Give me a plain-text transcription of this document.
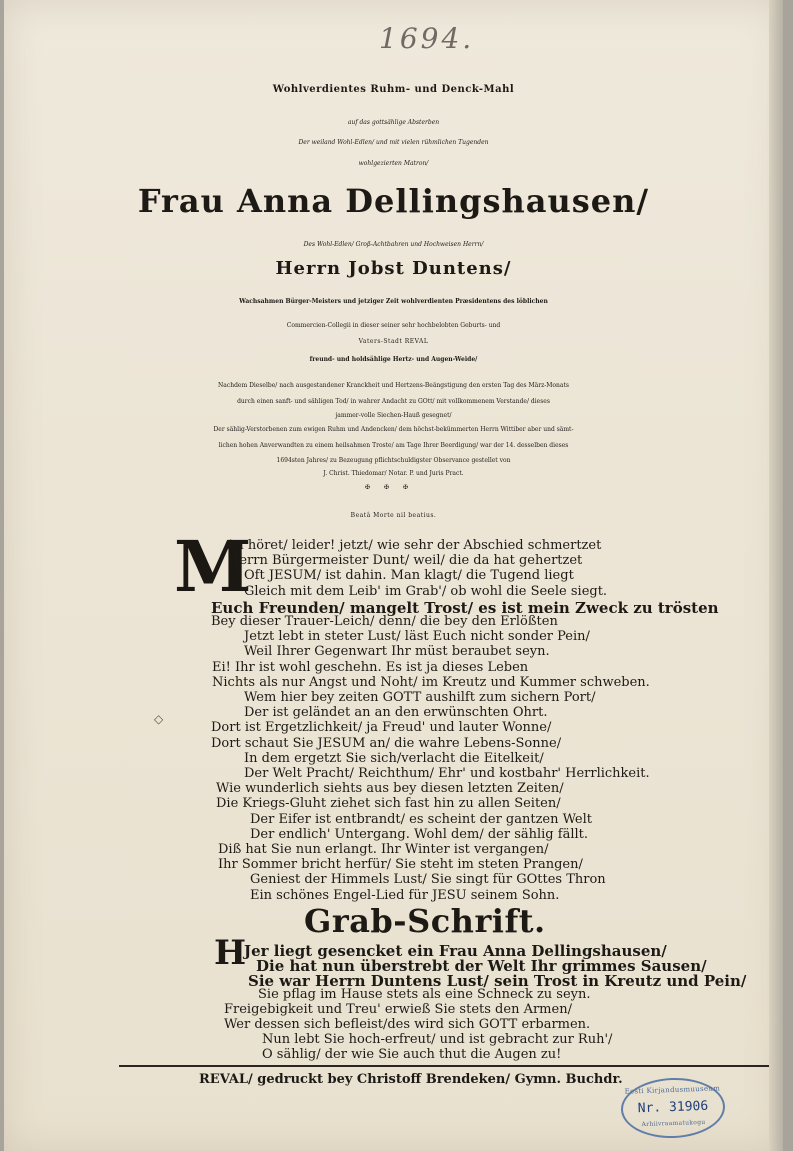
1694.
Wohlverdientes Ruhm- und Denck-Mahl
auf das gottsählige Absterben
Der weiland Wohl-Edlen/ und mit vielen rühmlichen Tugenden
wohlgezierten Matron/
Frau Anna Dellingshausen/
Des Wohl-Edlen/ Groß-Achtbahren und Hochweisen Herrn/
Herrn Jobst Duntens/
Wachsahmen Bürger-Meisters und jetziger Zeit wohlverdienten Præsidentens des löblichen
Commercien-Collegii in dieser seiner sehr hochbelobten Geburts- und
Vaters-Stadt REVAL
freund- und holdsählige Hertz- und Augen-Weide/
Nachdem Dieselbe/ nach ausgestandener Kranckheit und Hertzens-Beängstigung den ersten Tag des März-Monats
durch einen sanft- und sähligen Tod/ in wahrer Andacht zu GOtt/ mit vollkommenem Verstande/ dieses
jammer-volle Siechen-Hauß gesegnet/
Der sählig-Verstorbenen zum ewigen Ruhm und Andencken/ dem höchst-bekümmerten Herrn Wittiber aber und sämt-
lichen hohen Anverwandten zu einem heilsahmen Troste/ am Tage Ihrer Beerdigung/ war der 14. desselben dieses
1694sten Jahres/ zu Bezeugung pflichtschuldigster Observance gestellet von
J. Christ. Thiedomar/ Notar. P. und Juris Pract.
✠✠✠
Beatâ Morte nil beatius.
M
An höret/ leider! jetzt/ wie sehr der Abschied schmertzet
Herrn Bürgermeister Dunt/ weil/ die da hat gehertzet
Oft JESUM/ ist dahin. Man klagt/ die Tugend liegt
Gleich mit dem Leib' im Grab'/ ob wohl die Seele siegt.
Euch Freunden/ mangelt Trost/ es ist mein Zweck zu trösten
Bey dieser Trauer-Leich/ denn/ die bey den Erlößten
Jetzt lebt in steter Lust/ läst Euch nicht sonder Pein/
Weil Ihrer Gegenwart Ihr müst beraubet seyn.
Ei! Ihr ist wohl geschehn. Es ist ja dieses Leben
Nichts als nur Angst und Noht/ im Kreutz und Kummer schweben.
Wem hier bey zeiten GOTT aushilft zum sichern Port/
Der ist geländet an an den erwünschten Ohrt.
Dort ist Ergetzlichkeit/ ja Freud' und lauter Wonne/
Dort schaut Sie JESUM an/ die wahre Lebens-Sonne/
In dem ergetzt Sie sich/verlacht die Eitelkeit/
Der Welt Pracht/ Reichthum/ Ehr' und kostbahr' Herrlichkeit.
Wie wunderlich siehts aus bey diesen letzten Zeiten/
Die Kriegs-Gluht ziehet sich fast hin zu allen Seiten/
Der Eifer ist entbrandt/ es scheint der gantzen Welt
Der endlich' Untergang. Wohl dem/ der sählig fällt.
Diß hat Sie nun erlangt. Ihr Winter ist vergangen/
Ihr Sommer bricht herfür/ Sie steht im steten Prangen/
Geniest der Himmels Lust/ Sie singt für GOttes Thron
Ein schönes Engel-Lied für JESU seinem Sohn.
◇
Grab-Schrift.
H
Jer liegt gesencket ein Frau Anna Dellingshausen/
Die hat nun überstrebt der Welt Ihr grimmes Sausen/
Sie war Herrn Duntens Lust/ sein Trost in Kreutz und Pein/
Sie pflag im Hause stets als eine Schneck zu seyn.
Freigebigkeit und Treu' erwieß Sie stets den Armen/
Wer dessen sich befleist/des wird sich GOTT erbarmen.
Nun lebt Sie hoch-erfreut/ und ist gebracht zur Ruh'/
O sählig/ der wie Sie auch thut die Augen zu!
REVAL/ gedruckt bey Christoff Brendeken/ Gymn. Buchdr.
Eesti Kirjandusmuuseum
Nr. 31906
Arhiivraamatukogu
